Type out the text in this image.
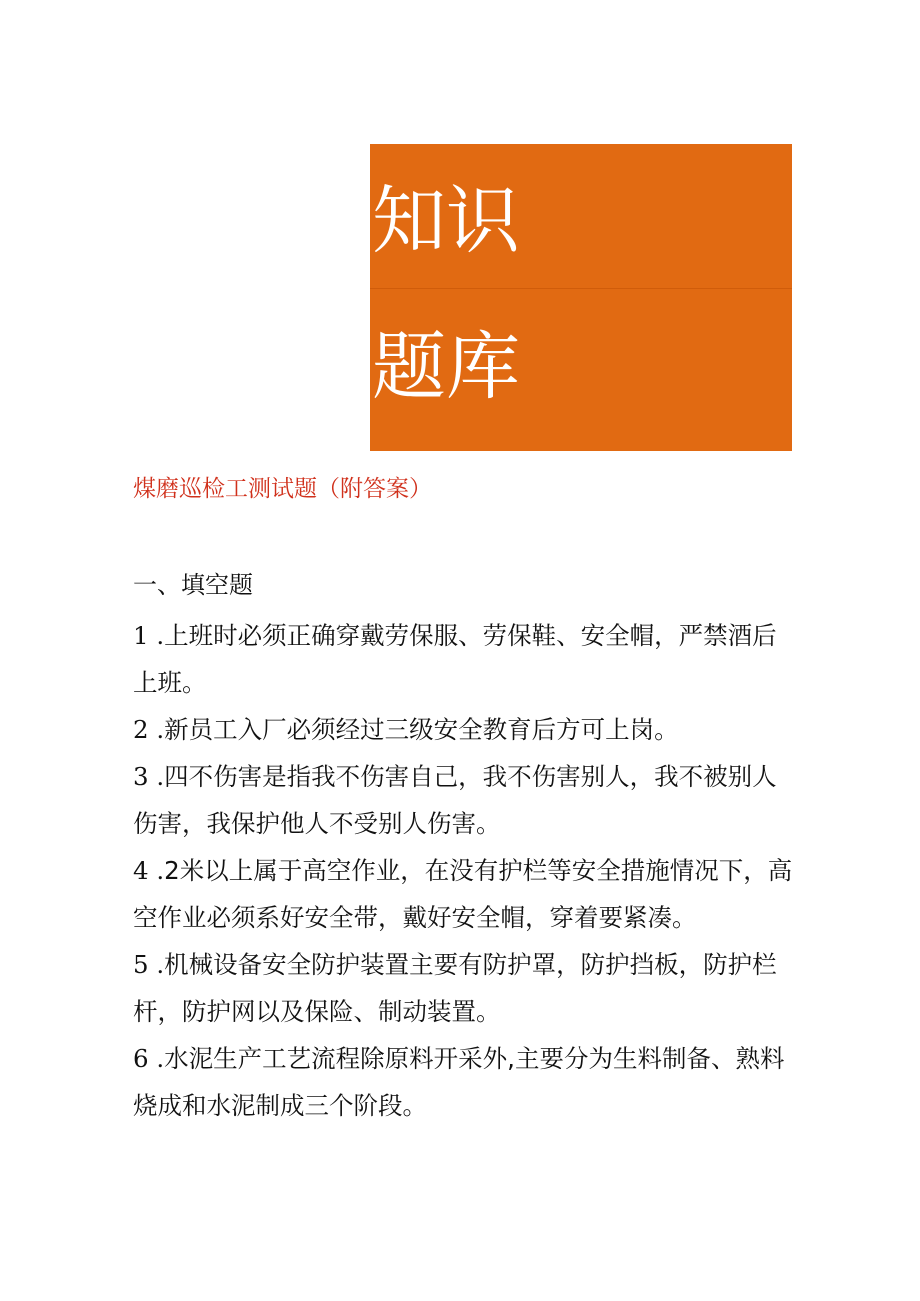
知识
题库
煤磨巡检工测试题（附答案）
一、填空题
1 .上班时必须正确穿戴劳保服、劳保鞋、安全帽，严禁酒后上班。
2 .新员工入厂必须经过三级安全教育后方可上岗。
3 .四不伤害是指我不伤害自己，我不伤害别人，我不被别人伤害，我保护他人不受别人伤害。
4 .2米以上属于高空作业，在没有护栏等安全措施情况下，高空作业必须系好安全带，戴好安全帽，穿着要紧凑。
5 .机械设备安全防护装置主要有防护罩，防护挡板，防护栏杆，防护网以及保险、制动装置。
6 .水泥生产工艺流程除原料开采外,主要分为生料制备、熟料烧成和水泥制成三个阶段。
